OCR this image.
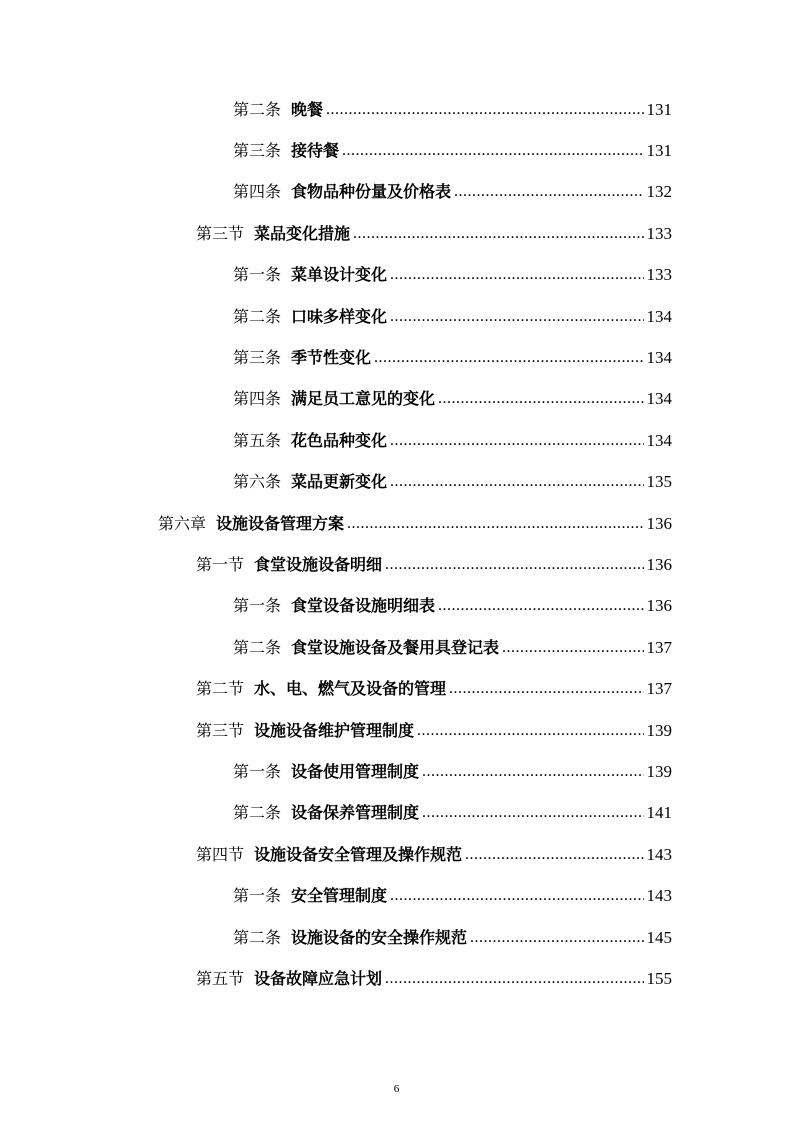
第二条 晚餐 .....	131
第三条 接待餐 .....	131
第四条 食物品种份量及价格表 .....	132
第三节 菜品变化措施 .....	133
第一条 菜单设计变化 .....	133
第二条 口味多样变化 .....	134
第三条 季节性变化 .....	134
第四条 满足员工意见的变化 .....	134
第五条 花色品种变化 .....	134
第六条 菜品更新变化 .....	135
第六章 设施设备管理方案 .....	136
第一节 食堂设施设备明细 .....	136
第一条 食堂设备设施明细表 .....	136
第二条 食堂设施设备及餐用具登记表 .....	137
第二节 水、电、燃气及设备的管理 .....	137
第三节 设施设备维护管理制度 .....	139
第一条 设备使用管理制度 .....	139
第二条 设备保养管理制度 .....	141
第四节 设施设备安全管理及操作规范 .....	143
第一条 安全管理制度 .....	143
第二条 设施设备的安全操作规范 .....	145
第五节 设备故障应急计划 .....	155
6
